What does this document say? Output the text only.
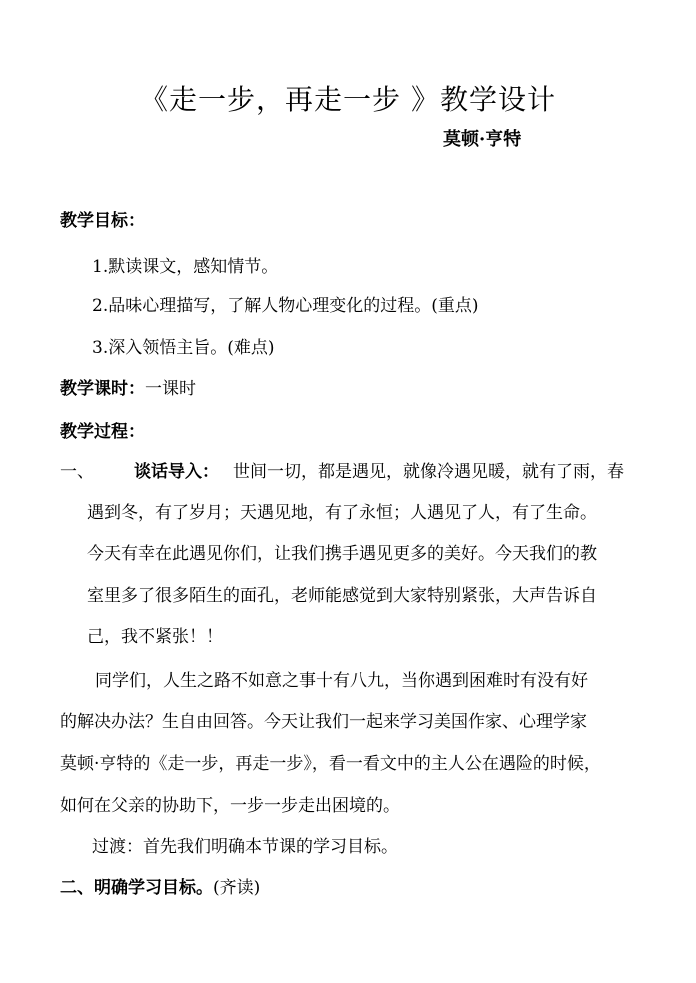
《走一步，再走一步 》教学设计
莫顿·亨特
教学目标：
1.默读课文，感知情节。
2.品味心理描写，了解人物心理变化的过程。(重点)
3.深入领悟主旨。(难点)
教学课时：一课时
教学过程：
一、 谈话导入： 世间一切，都是遇见，就像冷遇见暖，就有了雨，春
遇到冬，有了岁月；天遇见地，有了永恒；人遇见了人，有了生命。
今天有幸在此遇见你们，让我们携手遇见更多的美好。今天我们的教
室里多了很多陌生的面孔，老师能感觉到大家特别紧张，大声告诉自
己，我不紧张！！
同学们，人生之路不如意之事十有八九，当你遇到困难时有没有好
的解决办法？生自由回答。今天让我们一起来学习美国作家、心理学家
莫顿·亨特的《走一步，再走一步》，看一看文中的主人公在遇险的时候，
如何在父亲的协助下，一步一步走出困境的。
过渡：首先我们明确本节课的学习目标。
二、明确学习目标。(齐读)
